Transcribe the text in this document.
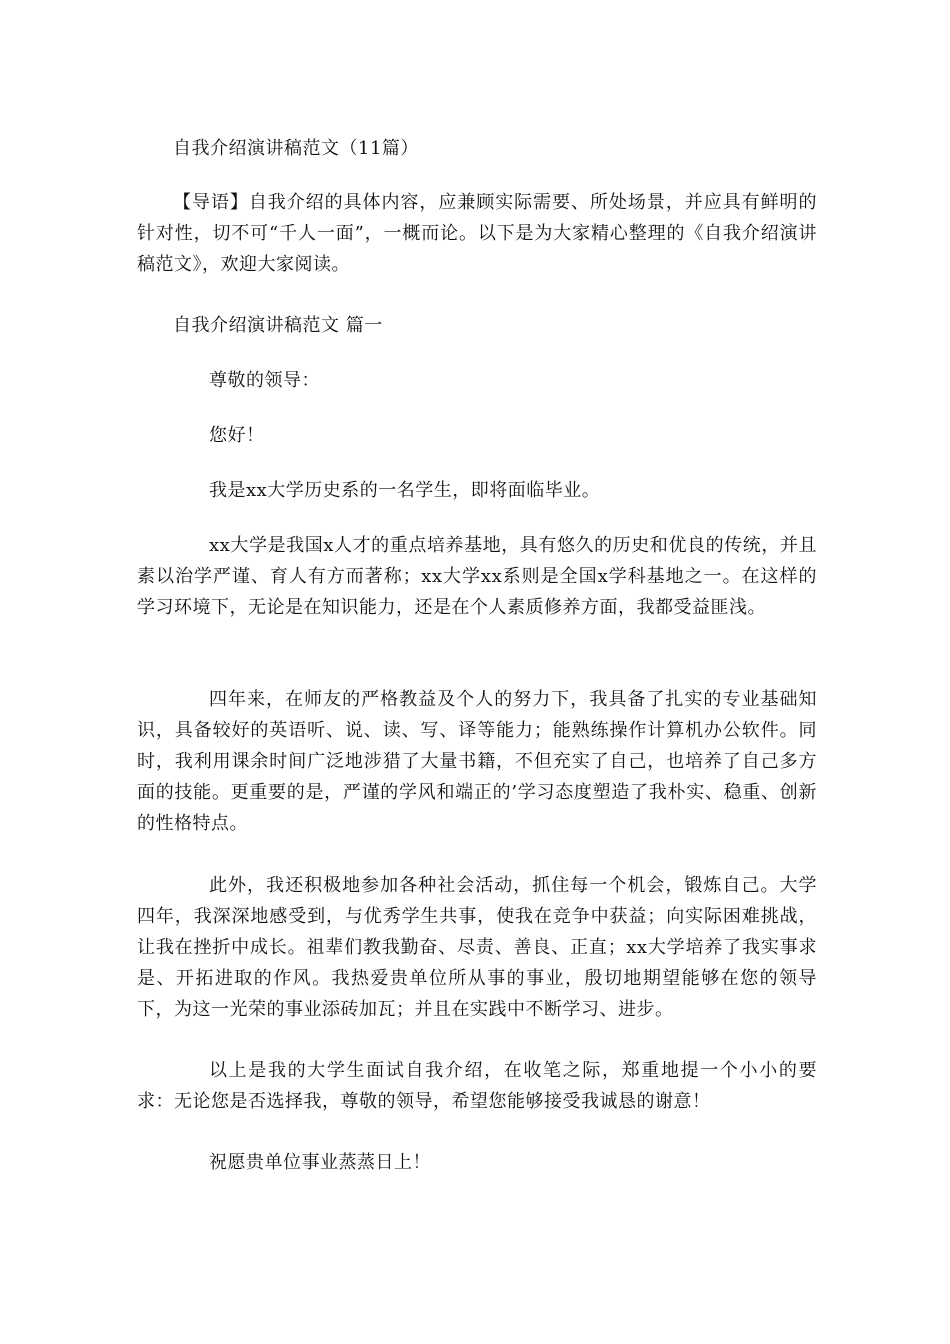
自我介绍演讲稿范文（11篇）

【导语】自我介绍的具体内容，应兼顾实际需要、所处场景，并应具有鲜明的针对性，切不可“千人一面”，一概而论。以下是为大家精心整理的《自我介绍演讲稿范文》，欢迎大家阅读。

自我介绍演讲稿范文 篇一

尊敬的领导：

您好！

我是xx大学历史系的一名学生，即将面临毕业。

xx大学是我国x人才的重点培养基地，具有悠久的历史和优良的传统，并且素以治学严谨、育人有方而著称；xx大学xx系则是全国x学科基地之一。在这样的学习环境下，无论是在知识能力，还是在个人素质修养方面，我都受益匪浅。

四年来，在师友的严格教益及个人的努力下，我具备了扎实的专业基础知识，具备较好的英语听、说、读、写、译等能力；能熟练操作计算机办公软件。同时，我利用课余时间广泛地涉猎了大量书籍，不但充实了自己，也培养了自己多方面的技能。更重要的是，严谨的学风和端正的’学习态度塑造了我朴实、稳重、创新的性格特点。

此外，我还积极地参加各种社会活动，抓住每一个机会，锻炼自己。大学四年，我深深地感受到，与优秀学生共事，使我在竞争中获益；向实际困难挑战，让我在挫折中成长。祖辈们教我勤奋、尽责、善良、正直；xx大学培养了我实事求是、开拓进取的作风。我热爱贵单位所从事的事业，殷切地期望能够在您的领导下，为这一光荣的事业添砖加瓦；并且在实践中不断学习、进步。

以上是我的大学生面试自我介绍，在收笔之际，郑重地提一个小小的要求：无论您是否选择我，尊敬的领导，希望您能够接受我诚恳的谢意！

祝愿贵单位事业蒸蒸日上！
